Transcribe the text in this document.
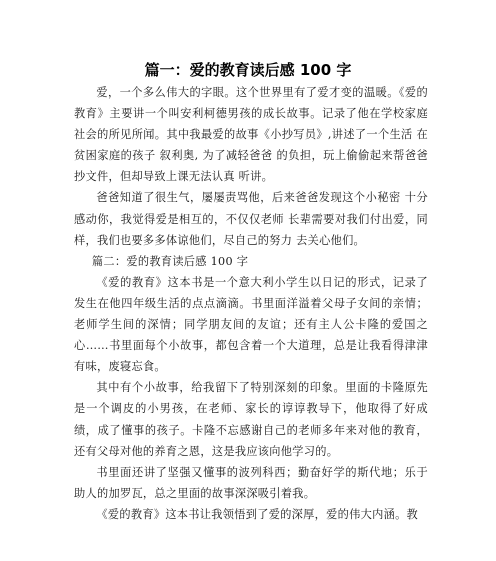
篇一：爱的教育读后感 100 字

爱，一个多么伟大的字眼。这个世界里有了爱才变的温暖。《爱的教育》主要讲一个叫安利柯德男孩的成长故事。记录了他在学校家庭社会的所见所闻。其中我最爱的故事《小抄写员》,讲述了一个生活 在贫困家庭的孩子 叙利奥, 为了减轻爸爸 的负担，玩上偷偷起来帮爸爸抄文件，但却导致上课无法认真 听讲。

爸爸知道了很生气，屡屡责骂他，后来爸爸发现这个小秘密 十分感动你，我觉得爱是相互的，不仅仅老师 长辈需要对我们付出爱，同样，我们也要多多体谅他们，尽自己的努力 去关心他们。

篇二：爱的教育读后感 100 字

《爱的教育》这本书是一个意大利小学生以日记的形式，记录了发生在他四年级生活的点点滴滴。书里面洋溢着父母子女间的亲情；老师学生间的深情；同学朋友间的友谊；还有主人公卡隆的爱国之心……书里面每个小故事，都包含着一个大道理，总是让我看得津津有味，废寝忘食。

其中有个小故事，给我留下了特别深刻的印象。里面的卡隆原先是一个调皮的小男孩，在老师、家长的谆谆教导下，他取得了好成绩，成了懂事的孩子。卡隆不忘感谢自己的老师多年来对他的教育，还有父母对他的养育之恩，这是我应该向他学习的。

书里面还讲了坚强又懂事的波列科西；勤奋好学的斯代地；乐于助人的加罗瓦，总之里面的故事深深吸引着我。

《爱的教育》这本书让我领悟到了爱的深厚，爱的伟大内涵。教
